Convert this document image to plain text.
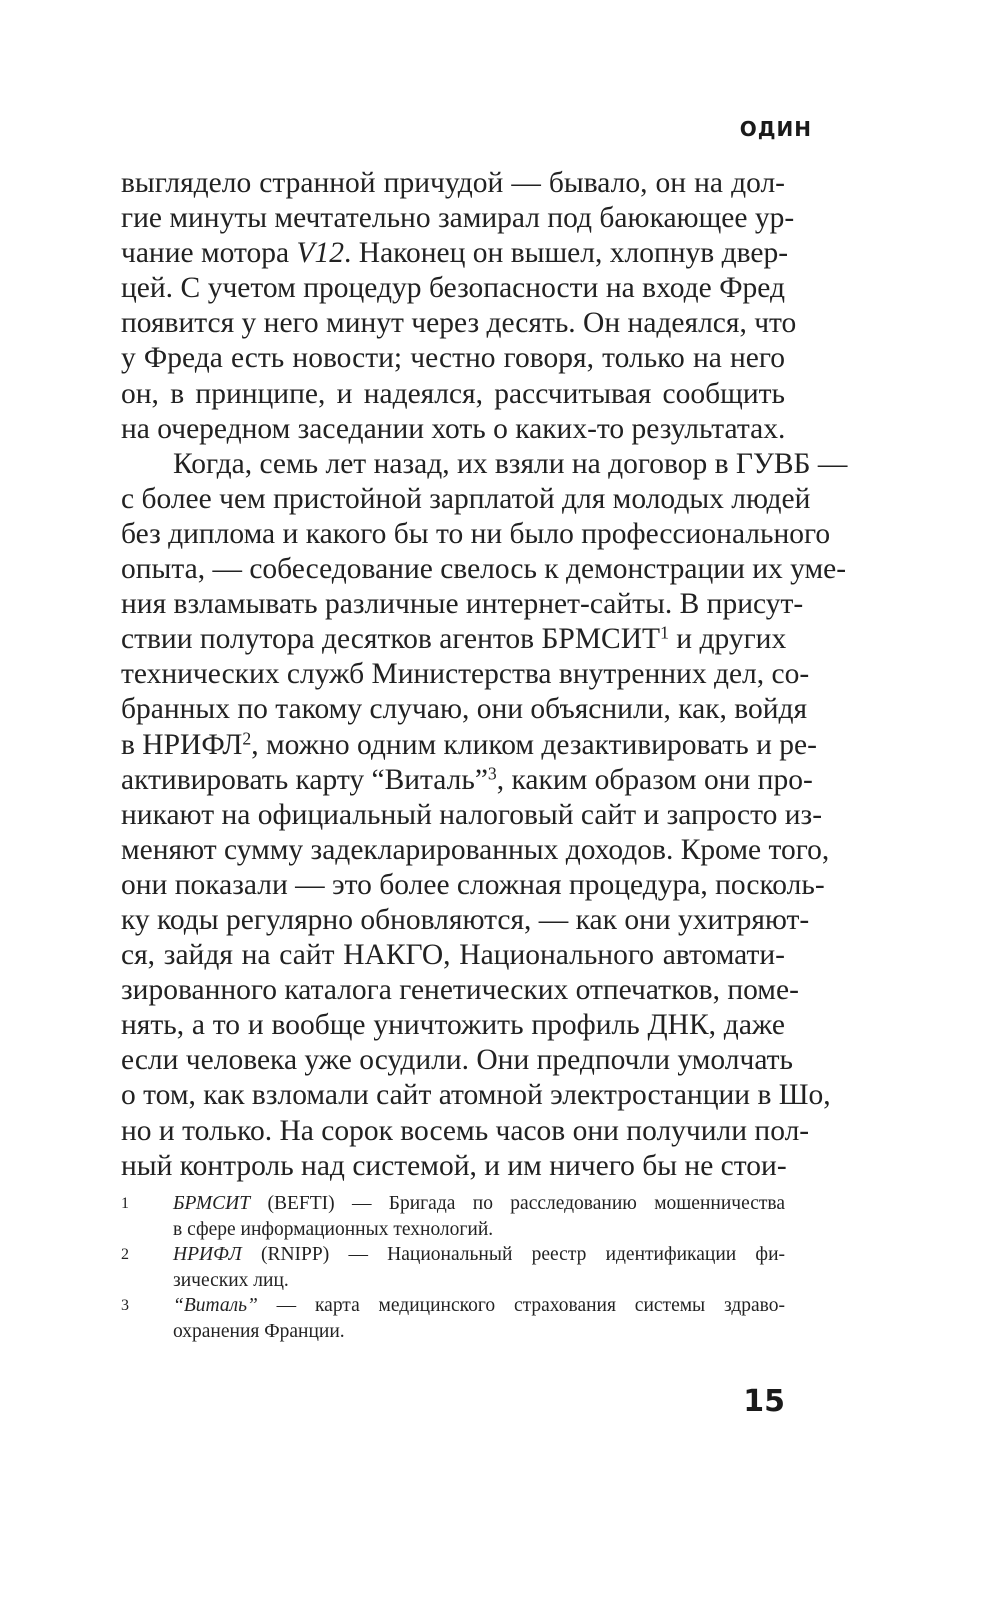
ОДИН
выглядело странной причудой — бывало, он на дол-
гие минуты мечтательно замирал под баюкающее ур-
чание мотора V12. Наконец он вышел, хлопнув двер-
цей. С учетом процедур безопасности на входе Фред
появится у него минут через десять. Он надеялся, что
у Фреда есть новости; честно говоря, только на него
он, в принципе, и надеялся, рассчитывая сообщить
на очередном заседании хоть о каких-то результатах.
Когда, семь лет назад, их взяли на договор в ГУВБ —
с более чем пристойной зарплатой для молодых людей
без диплома и какого бы то ни было профессионального
опыта, — собеседование свелось к демонстрации их уме-
ния взламывать различные интернет-сайты. В присут-
ствии полутора десятков агентов БРМСИТ$^1$ и других
технических служб Министерства внутренних дел, со-
бранных по такому случаю, они объяснили, как, войдя
в НРИФЛ$^2$, можно одним кликом дезактивировать и ре-
активировать карту “Виталь”$^3$, каким образом они про-
никают на официальный налоговый сайт и запросто из-
меняют сумму задекларированных доходов. Кроме того,
они показали — это более сложная процедура, посколь-
ку коды регулярно обновляются, — как они ухитряют-
ся, зайдя на сайт НАКГО, Национального автомати-
зированного каталога генетических отпечатков, поме-
нять, а то и вообще уничтожить профиль ДНК, даже
если человека уже осудили. Они предпочли умолчать
о том, как взломали сайт атомной электростанции в Шо,
но и только. На сорок восемь часов они получили пол-
ный контроль над системой, и им ничего бы не стои-
1 БРМСИТ (BEFTI) — Бригада по расследованию мошенничества
в сфере информационных технологий.
2 НРИФЛ (RNIPP) — Национальный реестр идентификации фи-
зических лиц.
3 “Виталь” — карта медицинского страхования системы здраво-
охранения Франции.
15
